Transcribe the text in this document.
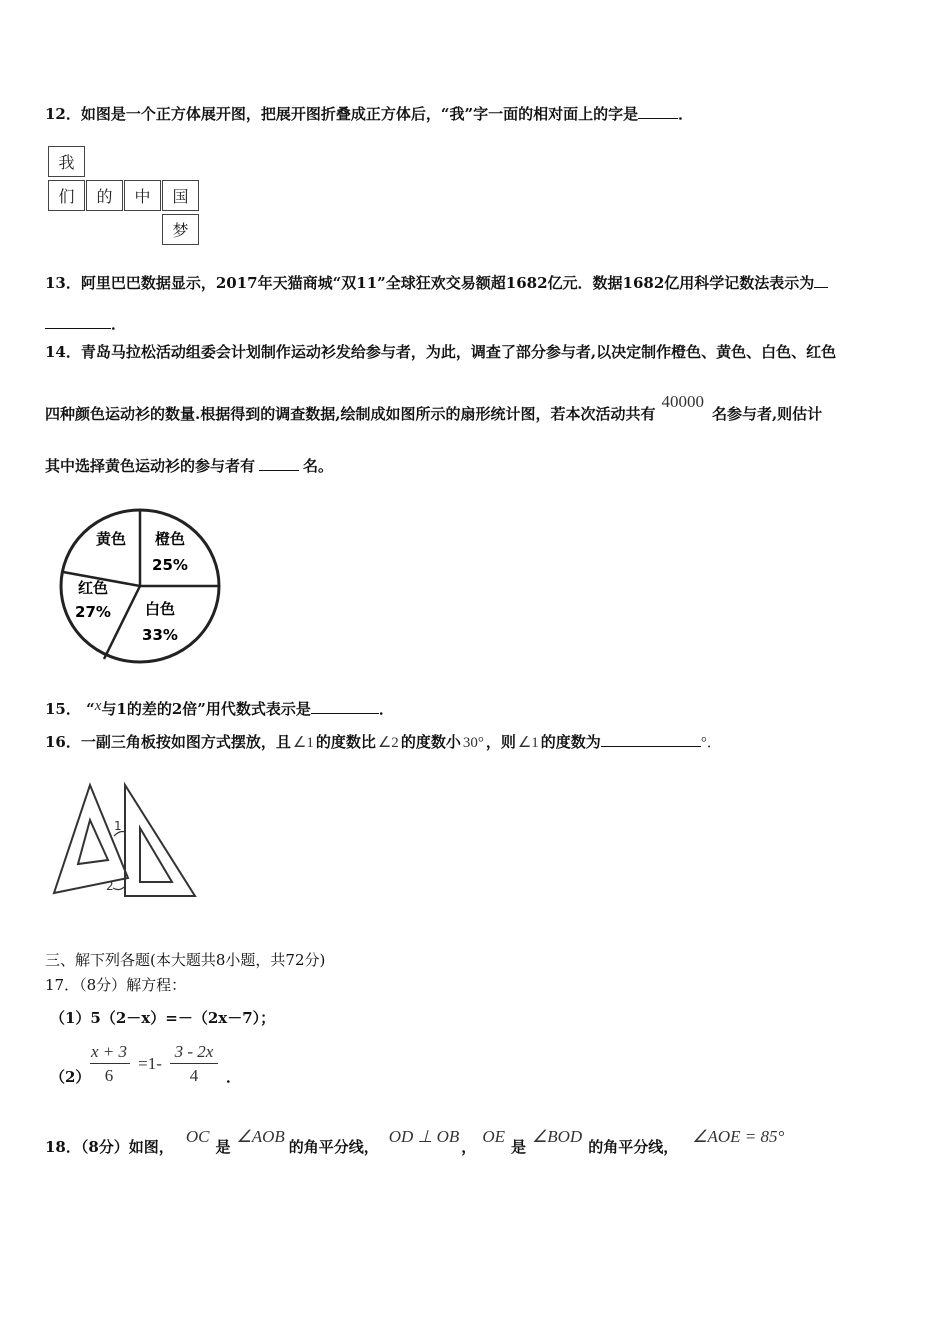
12．如图是一个正方体展开图，把展开图折叠成正方体后，“我”字一面的相对面上的字是	．
我
们	的	中	国
梦
13．阿里巴巴数据显示，2017年天猫商城“双11”全球狂欢交易额超1682亿元．数据1682亿用科学记数法表示为
．
14．青岛马拉松活动组委会计划制作运动衫发给参与者，为此，调查了部分参与者,以决定制作橙色、黄色、白色、红色
四种颜色运动衫的数量.根据得到的调查数据,绘制成如图所示的扇形统计图，若本次活动共有40000名参与者,则估计
其中选择黄色运动衫的参与者有	名。
黄色 橙色
25%
白色
33%
红色
27%
15． “x与1的差的2倍”用代数式表示是	．
16．一副三角板按如图方式摆放，且 ∠1 的度数比 ∠2 的度数小 30° ，则 ∠1 的度数为	°．
1
2
三、解下列各题(本大题共8小题，共72分)
17．（8分）解方程：
（1）5（2－x）=－（2x－7）；
（2）
x + 3
6
=1-
3 - 2x
4	．
18．（8分）如图，OC是∠AOB的角平分线，OD ⊥ OB，OE是∠BOD的角平分线，∠AOE = 85°
